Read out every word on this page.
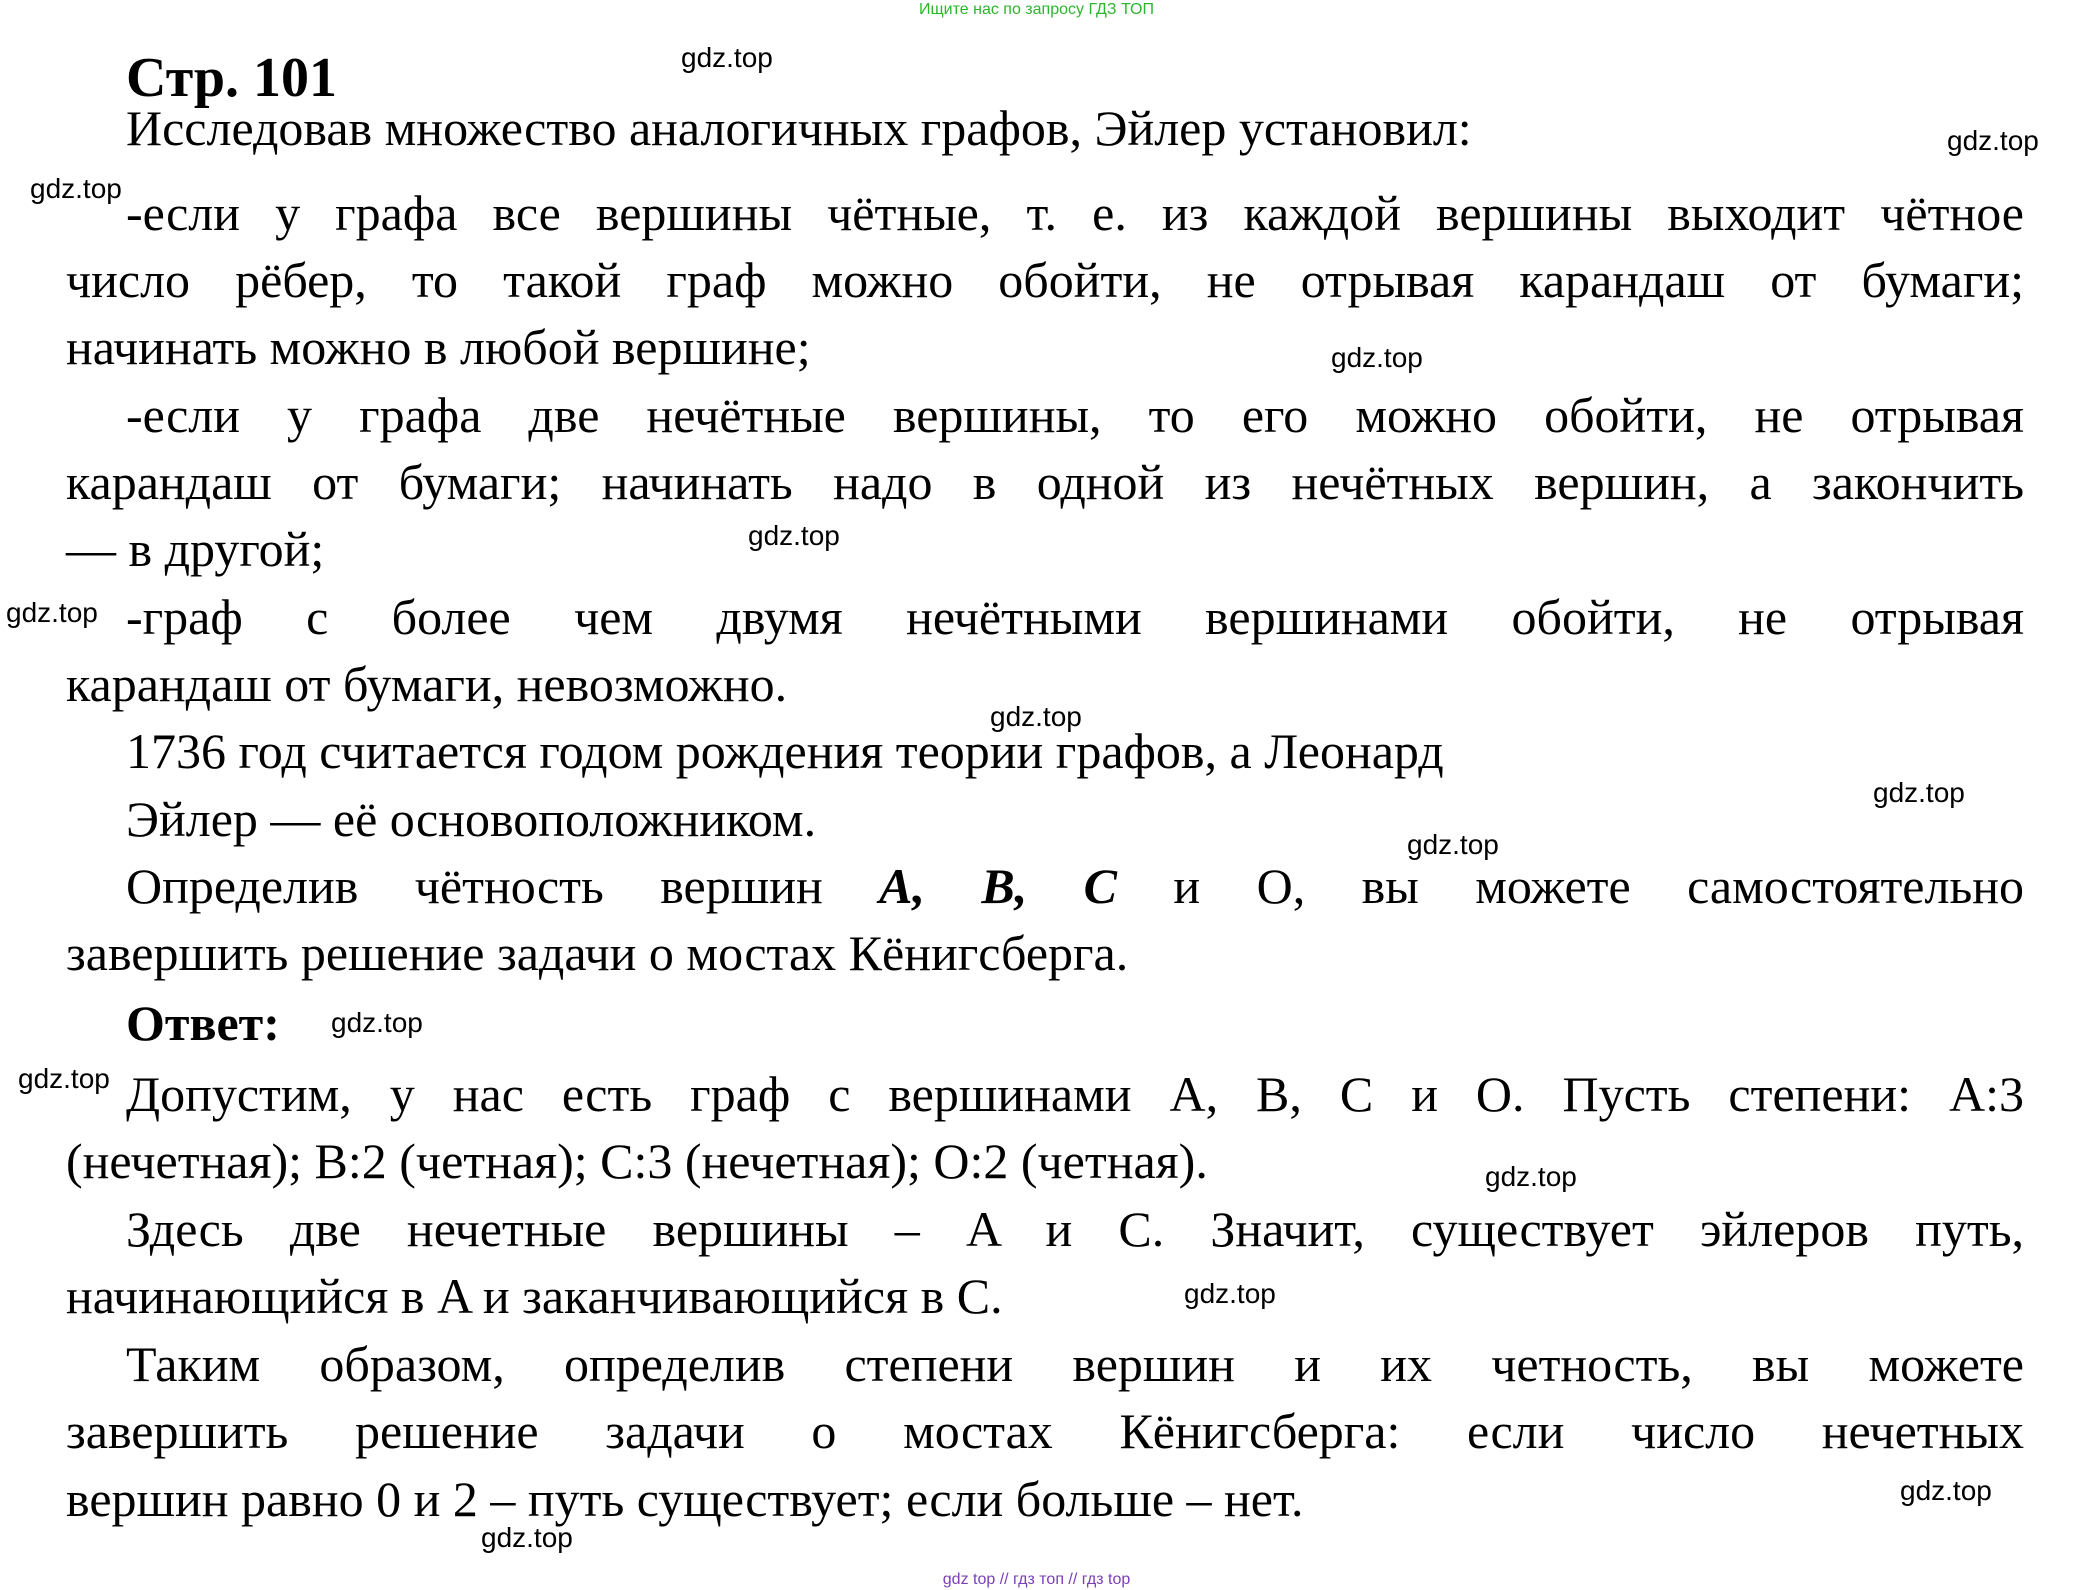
Ищите нас по запросу ГДЗ ТОП
Стр. 101
Исследовав множество аналогичных графов, Эйлер установил:
-если у графа все вершины чётные, т. е. из каждой вершины выходит чётное
число рёбер, то такой граф можно обойти, не отрывая карандаш от бумаги;
начинать можно в любой вершине;
-если у графа две нечётные вершины, то его можно обойти, не отрывая
карандаш от бумаги; начинать надо в одной из нечётных вершин, а закончить
— в другой;
-граф с более чем двумя нечётными вершинами обойти, не отрывая
карандаш от бумаги, невозможно.
1736 год считается годом рождения теории графов, а Леонард
Эйлер — её основоположником.
Определив чётность вершин A, B, C и О, вы можете самостоятельно
завершить решение задачи о мостах Кёнигсберга.
Ответ:
Допустим, у нас есть граф с вершинами A, B, C и O. Пусть степени: A:3
(нечетная); B:2 (четная); C:3 (нечетная); O:2 (четная).
Здесь две нечетные вершины – A и C. Значит, существует эйлеров путь,
начинающийся в A и заканчивающийся в C.
Таким образом, определив степени вершин и их четность, вы можете
завершить решение задачи о мостах Кёнигсберга: если число нечетных
вершин равно 0 и 2 – путь существует; если больше – нет.
gdz.top
gdz.top
gdz.top
gdz.top
gdz.top
gdz.top
gdz.top
gdz.top
gdz.top
gdz.top
gdz.top
gdz.top
gdz.top
gdz.top
gdz.top
gdz top // гдз топ // гдз top
